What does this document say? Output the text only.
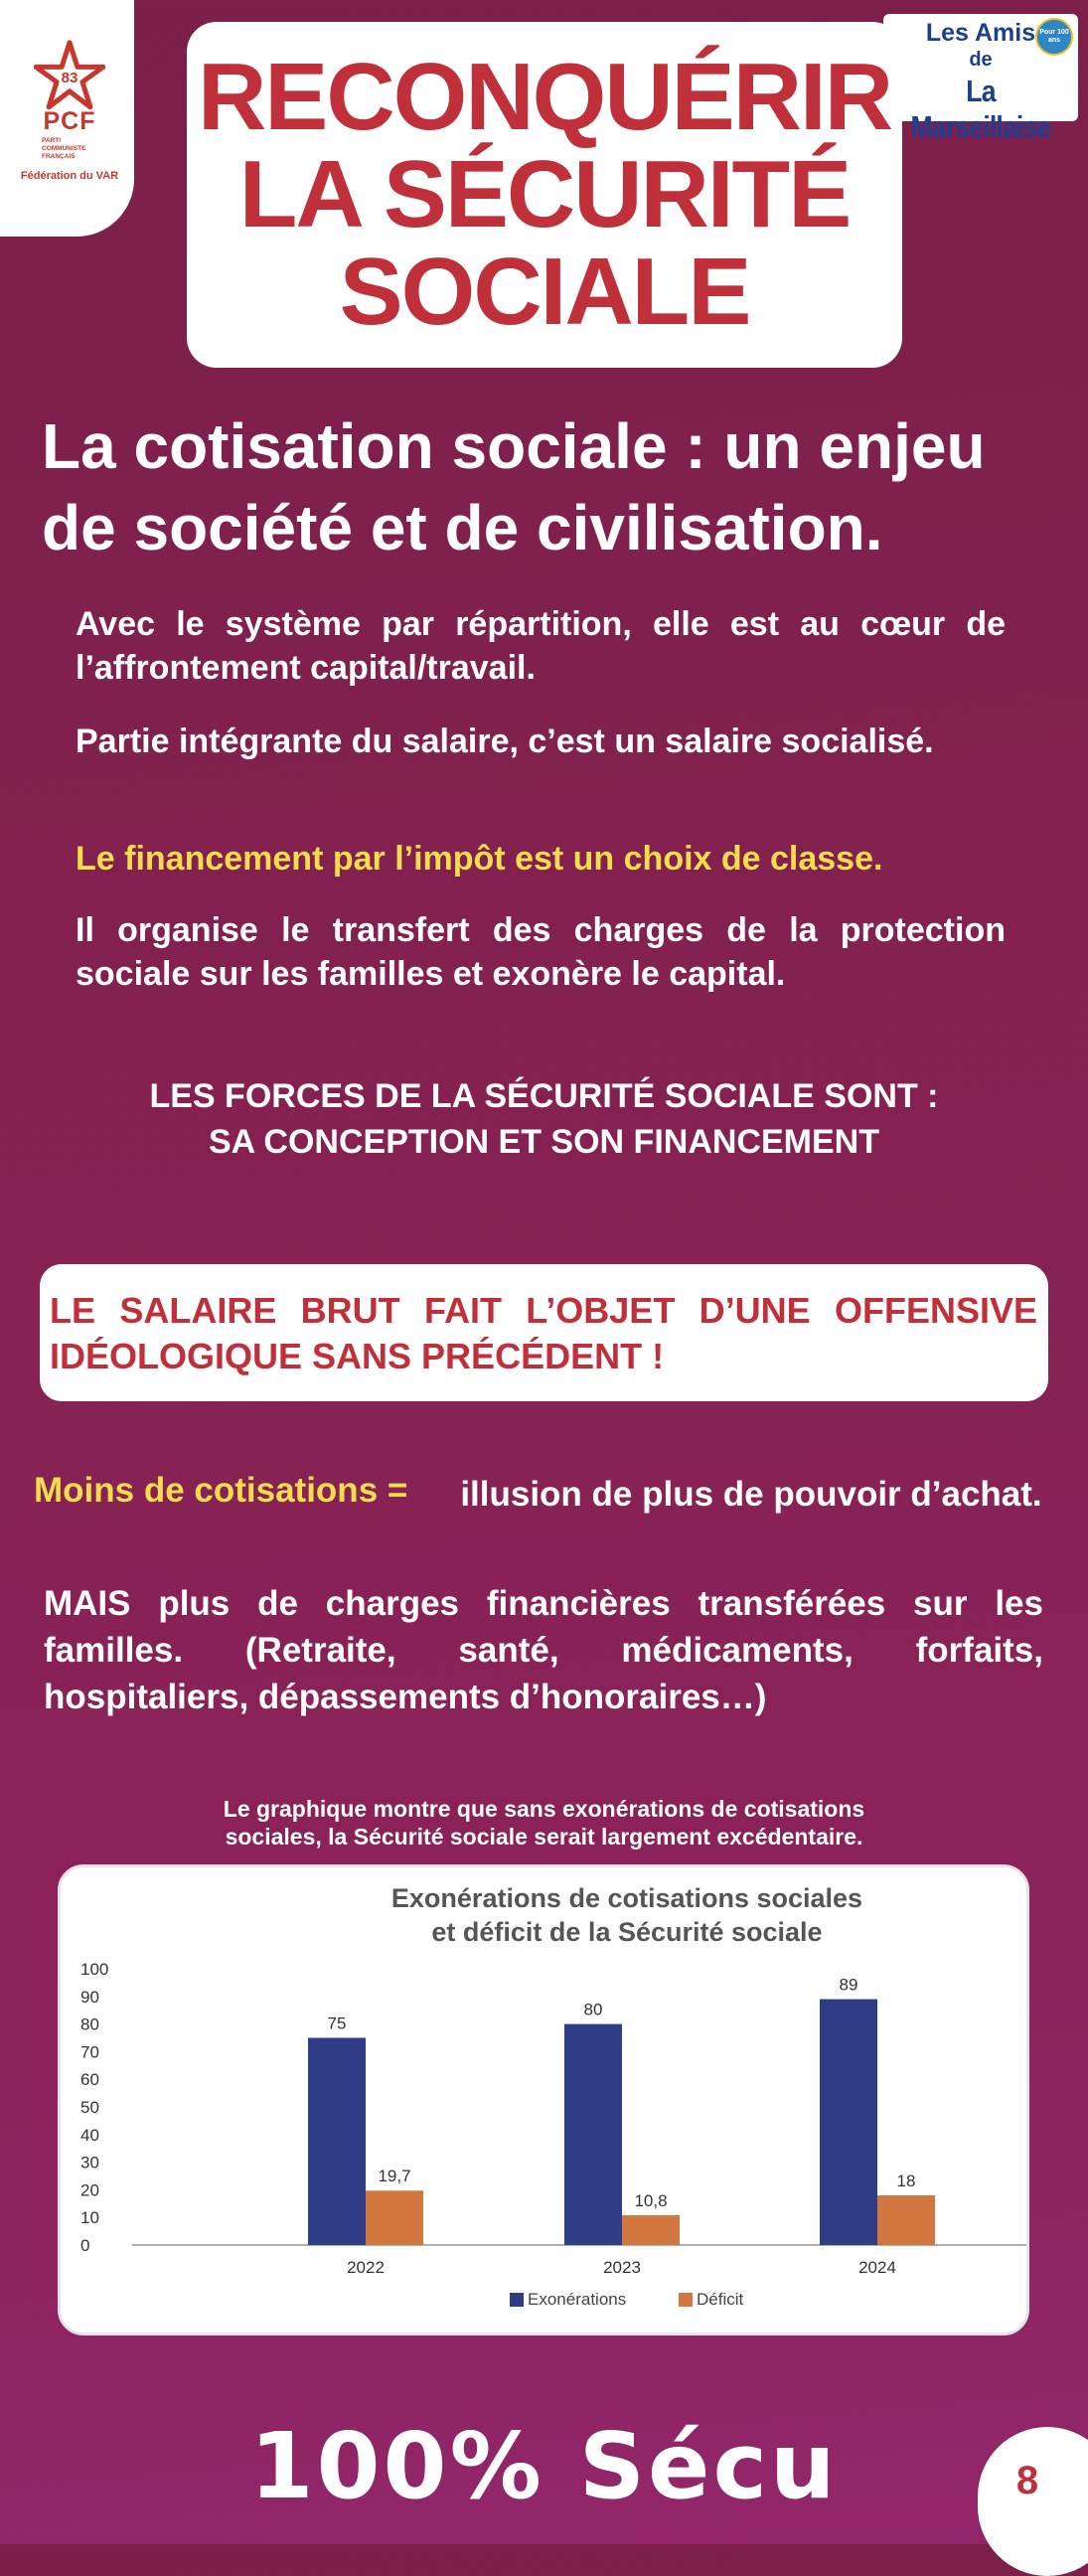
83
PCF
PARTI COMMUNISTE FRANÇAIS
Fédération du VAR
Les Amis
de
La Marseillaise
Pour 100 ans
RECONQUÉRIR
LA SÉCURITÉ
SOCIALE
La cotisation sociale : un enjeu de société et de civilisation.
Avec le système par répartition, elle est au cœur de l’affrontement capital/travail.
Partie intégrante du salaire, c’est un salaire socialisé.
Le financement par l’impôt est un choix de classe.
Il organise le transfert des charges de la protection sociale sur les familles et exonère le capital.
LES FORCES DE LA SÉCURITÉ SOCIALE SONT :
SA CONCEPTION ET SON FINANCEMENT
LE SALAIRE BRUT FAIT L’OBJET D’UNE OFFENSIVE IDÉOLOGIQUE SANS PRÉCÉDENT !
Moins de cotisations =	illusion de plus de pouvoir d’achat.
MAIS plus de charges financières transférées sur les familles. (Retraite, santé, médicaments, forfaits, hospitaliers, dépassements d’honoraires…)
Le graphique montre que sans exonérations de cotisations
sociales, la Sécurité sociale serait largement excédentaire.
Exonérations de cotisations sociales
et déficit de la Sécurité sociale
0
10
20
30
40
50
60
70
80
90
100
75
19,7
2022
80
10,8
2023
89
18
2024
Exonérations	Déficit
100% Sécu	8
